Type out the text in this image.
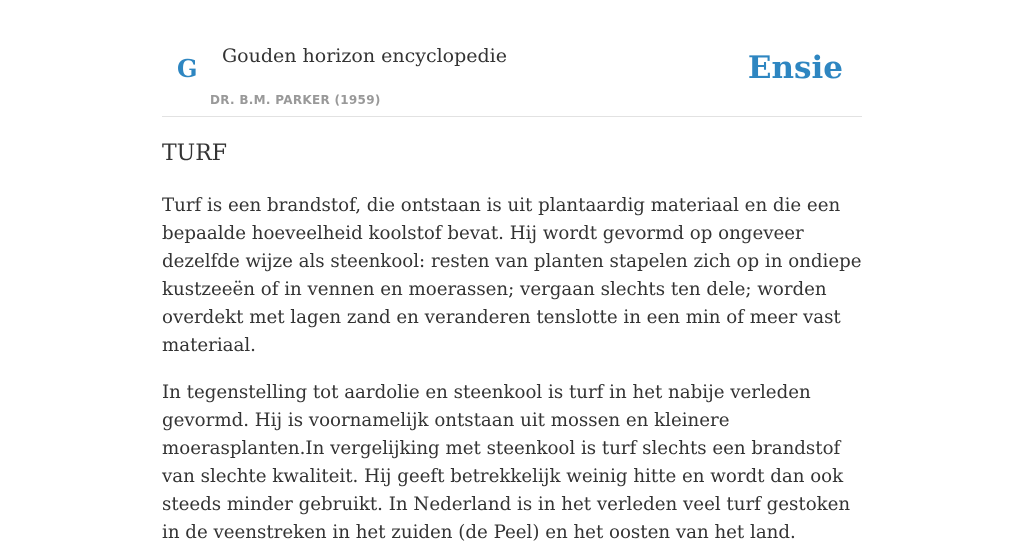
G Gouden horizon encyclopedie
DR. B.M. PARKER (1959)
Ensie
TURF

Turf is een brandstof, die ontstaan is uit plantaardig materiaal en die een bepaalde hoeveelheid koolstof bevat. Hij wordt gevormd op ongeveer dezelfde wijze als steenkool: resten van planten stapelen zich op in ondiepe kustzeeën of in vennen en moerassen; vergaan slechts ten dele; worden overdekt met lagen zand en veranderen tenslotte in een min of meer vast materiaal.

In tegenstelling tot aardolie en steenkool is turf in het nabije verleden gevormd. Hij is voornamelijk ontstaan uit mossen en kleinere moerasplanten.In vergelijking met steenkool is turf slechts een brandstof van slechte kwaliteit. Hij geeft betrekkelijk weinig hitte en wordt dan ook steeds minder gebruikt. In Nederland is in het verleden veel turf gestoken in de veenstreken in het zuiden (de Peel) en het oosten van het land.
